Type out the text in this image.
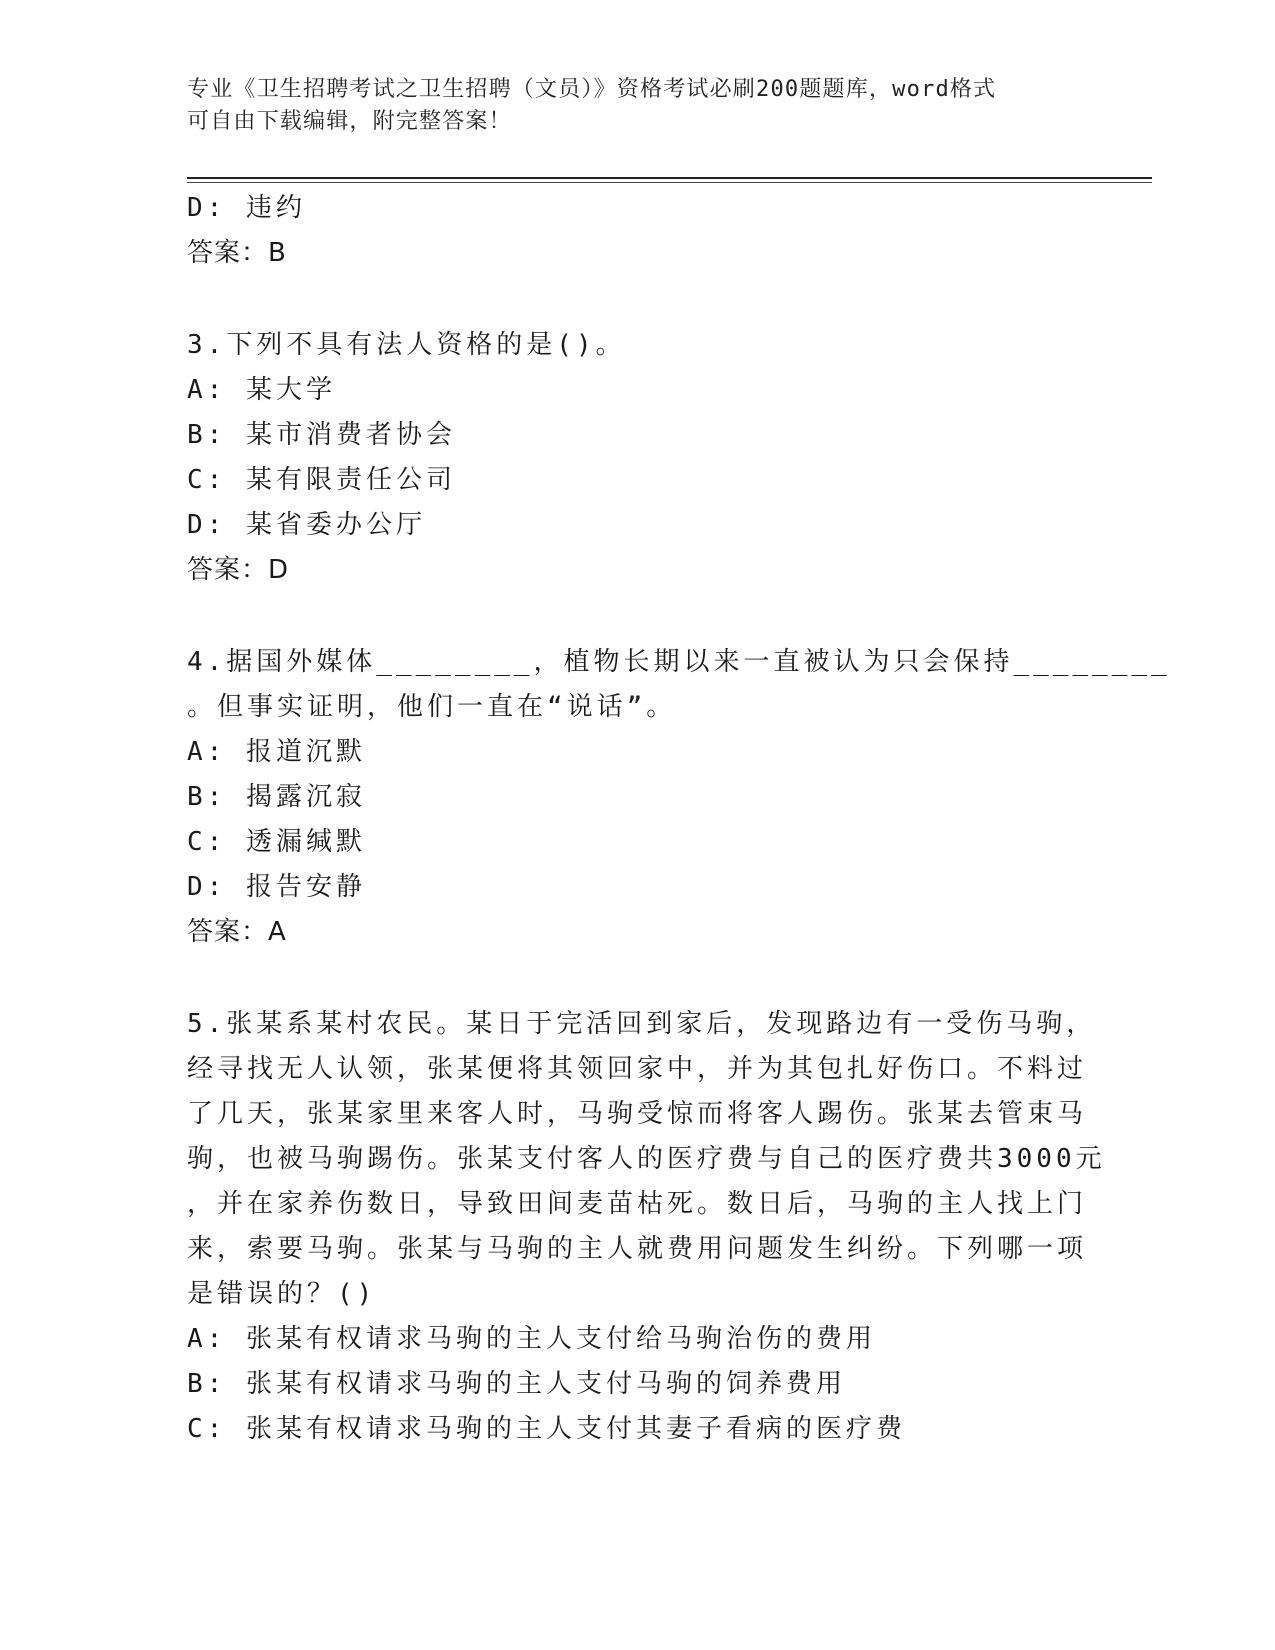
专业《卫生招聘考试之卫生招聘（文员）》资格考试必刷200题题库，word格式
可自由下载编辑，附完整答案！
D: 违约
答案：B
3.下列不具有法人资格的是()。
A: 某大学
B: 某市消费者协会
C: 某有限责任公司
D: 某省委办公厅
答案：D
4.据国外媒体________，植物长期以来一直被认为只会保持________
。但事实证明，他们一直在“说话”。
A: 报道沉默
B: 揭露沉寂
C: 透漏缄默
D: 报告安静
答案：A
5.张某系某村农民。某日于完活回到家后，发现路边有一受伤马驹，
经寻找无人认领，张某便将其领回家中，并为其包扎好伤口。不料过
了几天，张某家里来客人时，马驹受惊而将客人踢伤。张某去管束马
驹，也被马驹踢伤。张某支付客人的医疗费与自己的医疗费共3000元
，并在家养伤数日，导致田间麦苗枯死。数日后，马驹的主人找上门
来，索要马驹。张某与马驹的主人就费用问题发生纠纷。下列哪一项
是错误的？()
A: 张某有权请求马驹的主人支付给马驹治伤的费用
B: 张某有权请求马驹的主人支付马驹的饲养费用
C: 张某有权请求马驹的主人支付其妻子看病的医疗费
